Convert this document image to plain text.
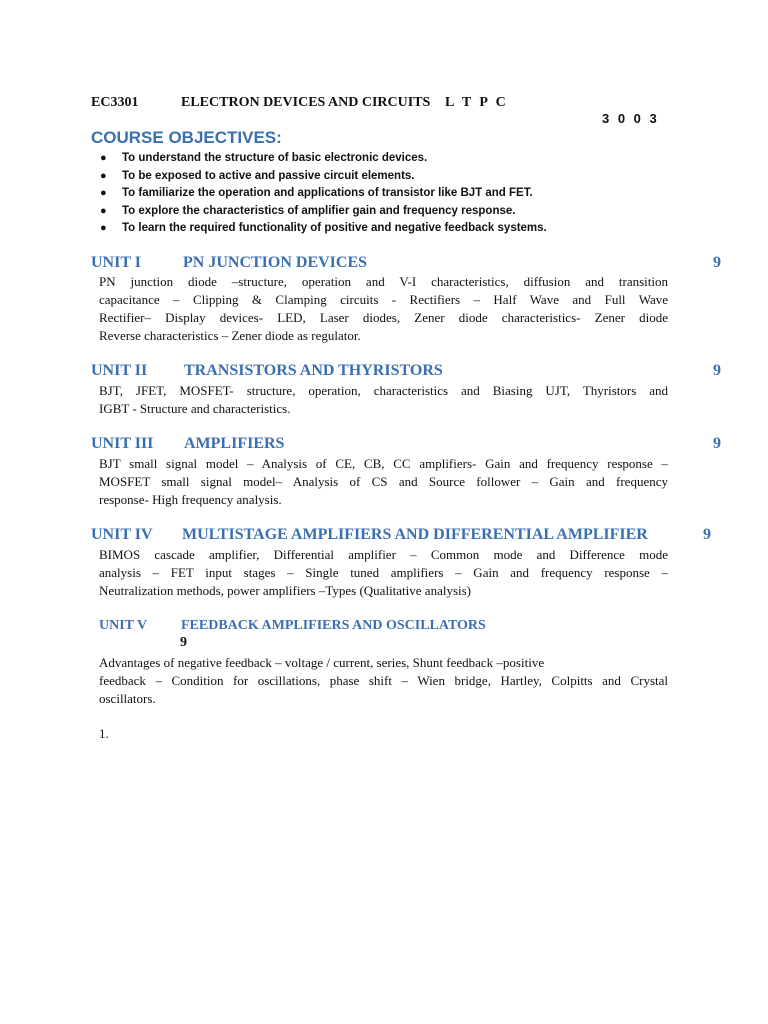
EC3301	ELECTRON DEVICES AND CIRCUITS L T P C
3 0 0 3
COURSE OBJECTIVES:
● To understand the structure of basic electronic devices.
● To be exposed to active and passive circuit elements.
● To familiarize the operation and applications of transistor like BJT and FET.
● To explore the characteristics of amplifier gain and frequency response.
● To learn the required functionality of positive and negative feedback systems.
UNIT I	PN JUNCTION DEVICES	9
PN junction diode –structure, operation and V-I characteristics, diffusion and transition
capacitance – Clipping & Clamping circuits - Rectifiers – Half Wave and Full Wave
Rectifier– Display devices- LED, Laser diodes, Zener diode characteristics- Zener diode
Reverse characteristics – Zener diode as regulator.
UNIT II TRANSISTORS AND THYRISTORS	9
BJT, JFET, MOSFET- structure, operation, characteristics and Biasing UJT, Thyristors and
IGBT - Structure and characteristics.
UNIT III AMPLIFIERS	9
BJT small signal model – Analysis of CE, CB, CC amplifiers- Gain and frequency response –
MOSFET small signal model– Analysis of CS and Source follower – Gain and frequency
response- High frequency analysis.
UNIT IV MULTISTAGE AMPLIFIERS AND DIFFERENTIAL AMPLIFIER	9
BIMOS cascade amplifier, Differential amplifier – Common mode and Difference mode
analysis – FET input stages – Single tuned amplifiers – Gain and frequency response –
Neutralization methods, power amplifiers –Types (Qualitative analysis)
UNIT V FEEDBACK AMPLIFIERS AND OSCILLATORS
9
Advantages of negative feedback – voltage / current, series, Shunt feedback –positive
feedback – Condition for oscillations, phase shift – Wien bridge, Hartley, Colpitts and Crystal
oscillators.
1.
